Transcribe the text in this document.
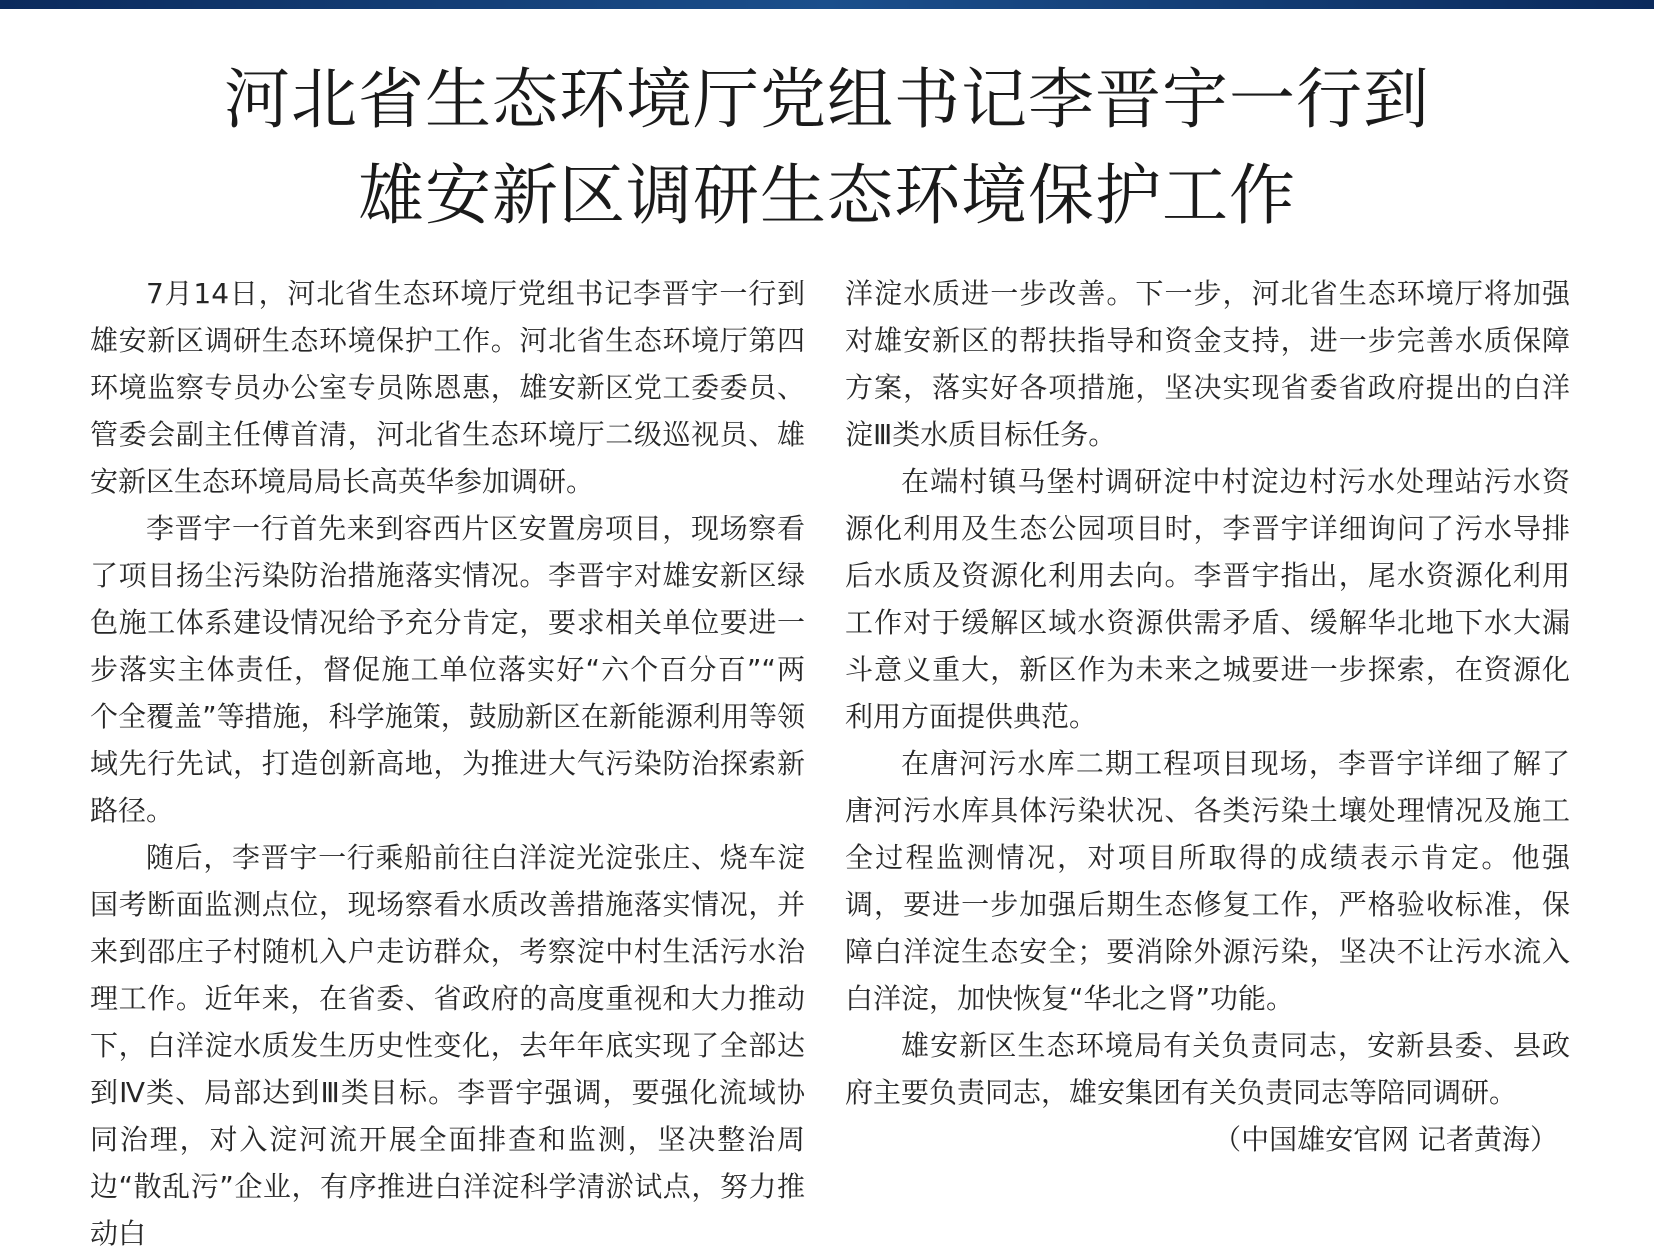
河北省生态环境厅党组书记李晋宇一行到
雄安新区调研生态环境保护工作

7月14日，河北省生态环境厅党组书记李晋宇一行到雄安新区调研生态环境保护工作。河北省生态环境厅第四环境监察专员办公室专员陈恩惠，雄安新区党工委委员、管委会副主任傅首清，河北省生态环境厅二级巡视员、雄安新区生态环境局局长高英华参加调研。

李晋宇一行首先来到容西片区安置房项目，现场察看了项目扬尘污染防治措施落实情况。李晋宇对雄安新区绿色施工体系建设情况给予充分肯定，要求相关单位要进一步落实主体责任，督促施工单位落实好“六个百分百”“两个全覆盖”等措施，科学施策，鼓励新区在新能源利用等领域先行先试，打造创新高地，为推进大气污染防治探索新路径。

随后，李晋宇一行乘船前往白洋淀光淀张庄、烧车淀国考断面监测点位，现场察看水质改善措施落实情况，并来到邵庄子村随机入户走访群众，考察淀中村生活污水治理工作。近年来，在省委、省政府的高度重视和大力推动下，白洋淀水质发生历史性变化，去年年底实现了全部达到Ⅳ类、局部达到Ⅲ类目标。李晋宇强调，要强化流域协同治理，对入淀河流开展全面排查和监测，坚决整治周边“散乱污”企业，有序推进白洋淀科学清淤试点，努力推动白

洋淀水质进一步改善。下一步，河北省生态环境厅将加强对雄安新区的帮扶指导和资金支持，进一步完善水质保障方案，落实好各项措施，坚决实现省委省政府提出的白洋淀Ⅲ类水质目标任务。

在端村镇马堡村调研淀中村淀边村污水处理站污水资源化利用及生态公园项目时，李晋宇详细询问了污水导排后水质及资源化利用去向。李晋宇指出，尾水资源化利用工作对于缓解区域水资源供需矛盾、缓解华北地下水大漏斗意义重大，新区作为未来之城要进一步探索，在资源化利用方面提供典范。

在唐河污水库二期工程项目现场，李晋宇详细了解了唐河污水库具体污染状况、各类污染土壤处理情况及施工全过程监测情况，对项目所取得的成绩表示肯定。他强调，要进一步加强后期生态修复工作，严格验收标准，保障白洋淀生态安全；要消除外源污染，坚决不让污水流入白洋淀，加快恢复“华北之肾”功能。

雄安新区生态环境局有关负责同志，安新县委、县政府主要负责同志，雄安集团有关负责同志等陪同调研。

（中国雄安官网 记者黄海）
